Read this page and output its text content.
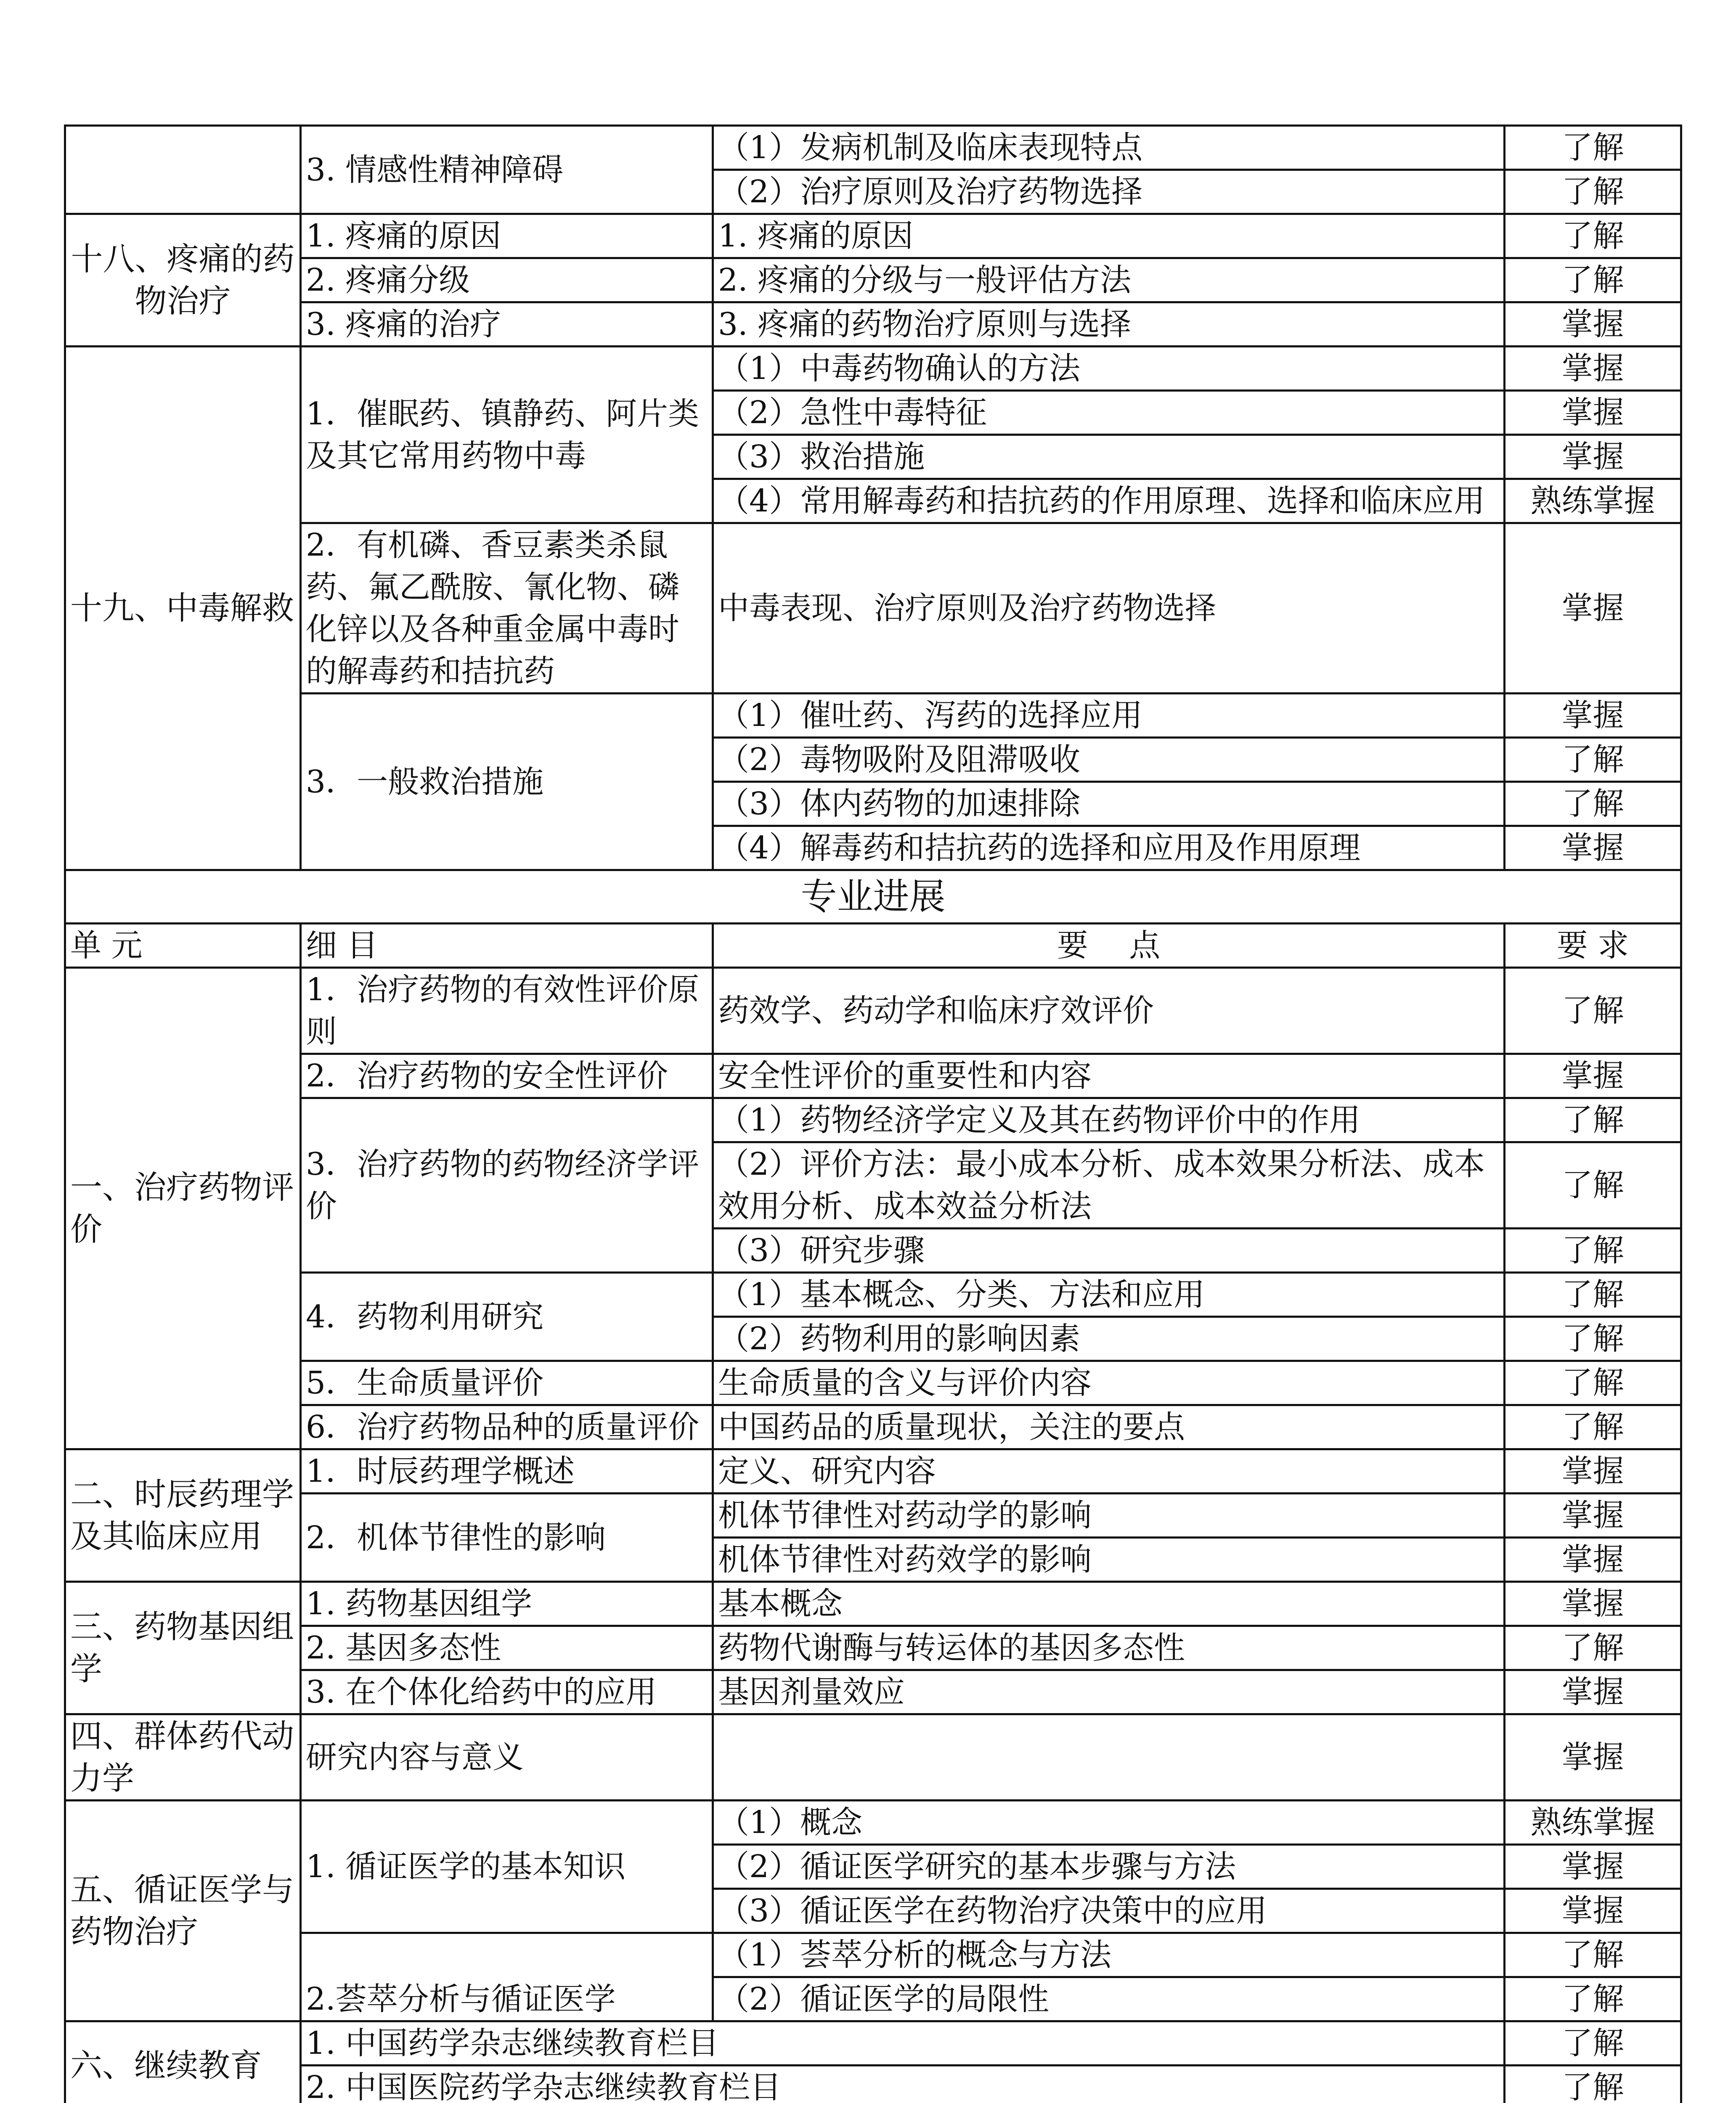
	3. 情感性精神障碍	（1）发病机制及临床表现特点	了解
		（2）治疗原则及治疗药物选择	了解
十八、疼痛的药物治疗	1. 疼痛的原因	1. 疼痛的原因	了解
	2. 疼痛分级	2. 疼痛的分级与一般评估方法	了解
	3. 疼痛的治疗	3. 疼痛的药物治疗原则与选择	掌握
十九、中毒解救	1．催眠药、镇静药、阿片类及其它常用药物中毒	（1）中毒药物确认的方法	掌握
		（2）急性中毒特征	掌握
		（3）救治措施	掌握
		（4）常用解毒药和拮抗药的作用原理、选择和临床应用	熟练掌握
	2．有机磷、香豆素类杀鼠药、氟乙酰胺、氰化物、磷化锌以及各种重金属中毒时的解毒药和拮抗药	中毒表现、治疗原则及治疗药物选择	掌握
	3．一般救治措施	（1）催吐药、泻药的选择应用	掌握
		（2）毒物吸附及阻滞吸收	了解
		（3）体内药物的加速排除	了解
		（4）解毒药和拮抗药的选择和应用及作用原理	掌握
专业进展			
单 元	细 目	要　 点	要 求
一、治疗药物评价	1．治疗药物的有效性评价原则	药效学、药动学和临床疗效评价	了解
	2．治疗药物的安全性评价	安全性评价的重要性和内容	掌握
	3．治疗药物的药物经济学评价	（1）药物经济学定义及其在药物评价中的作用	了解
		（2）评价方法：最小成本分析、成本效果分析法、成本效用分析、成本效益分析法	了解
		（3）研究步骤	了解
	4．药物利用研究	（1）基本概念、分类、方法和应用	了解
		（2）药物利用的影响因素	了解
	5．生命质量评价	生命质量的含义与评价内容	了解
	6．治疗药物品种的质量评价	中国药品的质量现状，关注的要点	了解
二、时辰药理学及其临床应用	1．时辰药理学概述	定义、研究内容	掌握
	2．机体节律性的影响	机体节律性对药动学的影响	掌握
		机体节律性对药效学的影响	掌握
三、药物基因组学	1. 药物基因组学	基本概念	掌握
	2. 基因多态性	药物代谢酶与转运体的基因多态性	了解
	3. 在个体化给药中的应用	基因剂量效应	掌握
四、群体药代动力学	研究内容与意义		掌握
五、循证医学与药物治疗	1. 循证医学的基本知识	（1）概念	熟练掌握
		（2）循证医学研究的基本步骤与方法	掌握
		（3）循证医学在药物治疗决策中的应用	掌握
	2.荟萃分析与循证医学	（1）荟萃分析的概念与方法	了解
		（2）循证医学的局限性	了解
六、继续教育	1. 中国药学杂志继续教育栏目		了解
	2. 中国医院药学杂志继续教育栏目		了解
